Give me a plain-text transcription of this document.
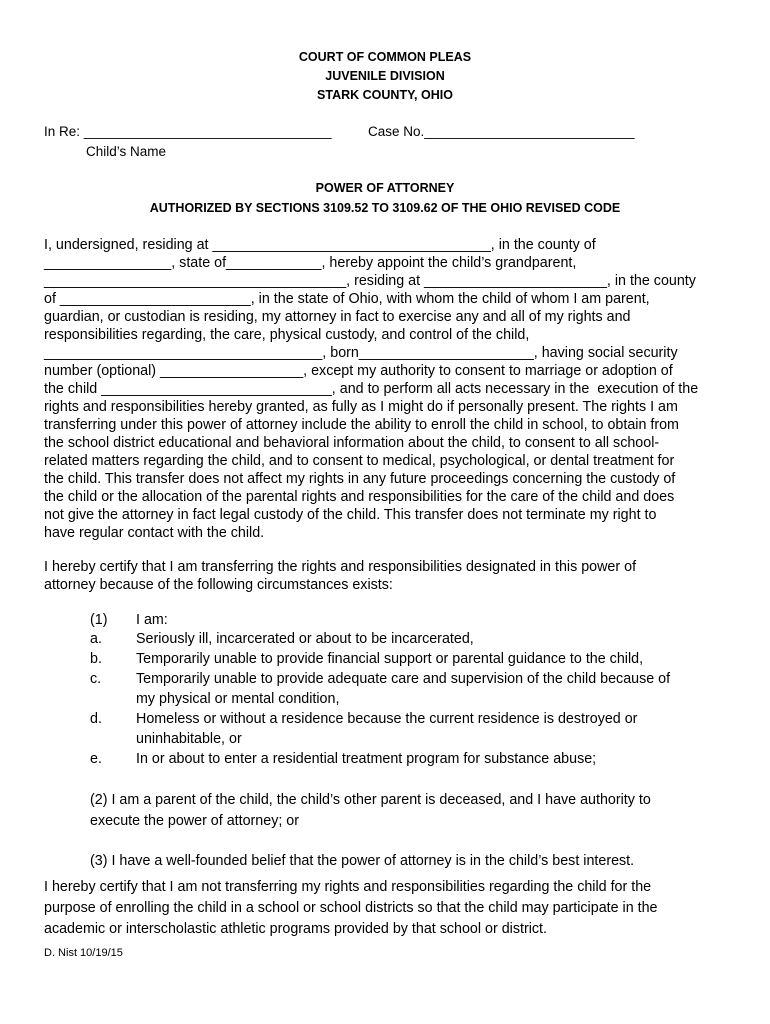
COURT OF COMMON PLEAS
JUVENILE DIVISION
STARK COUNTY, OHIO
In Re: _________________________________	Case No.____________________________
Child’s Name
POWER OF ATTORNEY
AUTHORIZED BY SECTIONS 3109.52 TO 3109.62 OF THE OHIO REVISED CODE
I, undersigned, residing at ___________________________________, in the county of
________________, state of____________, hereby appoint the child’s grandparent,
______________________________________, residing at _______________________, in the county
of ________________________, in the state of Ohio, with whom the child of whom I am parent,
guardian, or custodian is residing, my attorney in fact to exercise any and all of my rights and
responsibilities regarding, the care, physical custody, and control of the child,
___________________________________, born______________________, having social security
number (optional) __________________, except my authority to consent to marriage or adoption of
the child _____________________________, and to perform all acts necessary in the  execution of the
rights and responsibilities hereby granted, as fully as I might do if personally present. The rights I am
transferring under this power of attorney include the ability to enroll the child in school, to obtain from
the school district educational and behavioral information about the child, to consent to all school-
related matters regarding the child, and to consent to medical, psychological, or dental treatment for
the child. This transfer does not affect my rights in any future proceedings concerning the custody of
the child or the allocation of the parental rights and responsibilities for the care of the child and does
not give the attorney in fact legal custody of the child. This transfer does not terminate my right to
have regular contact with the child.
I hereby certify that I am transferring the rights and responsibilities designated in this power of
attorney because of the following circumstances exists:
(1) I am:
a. Seriously ill, incarcerated or about to be incarcerated,
b. Temporarily unable to provide financial support or parental guidance to the child,
c. Temporarily unable to provide adequate care and supervision of the child because of
my physical or mental condition,
d. Homeless or without a residence because the current residence is destroyed or
uninhabitable, or
e. In or about to enter a residential treatment program for substance abuse;
(2) I am a parent of the child, the child’s other parent is deceased, and I have authority to
execute the power of attorney; or
(3) I have a well-founded belief that the power of attorney is in the child’s best interest.
I hereby certify that I am not transferring my rights and responsibilities regarding the child for the
purpose of enrolling the child in a school or school districts so that the child may participate in the
academic or interscholastic athletic programs provided by that school or district.
D. Nist 10/19/15
